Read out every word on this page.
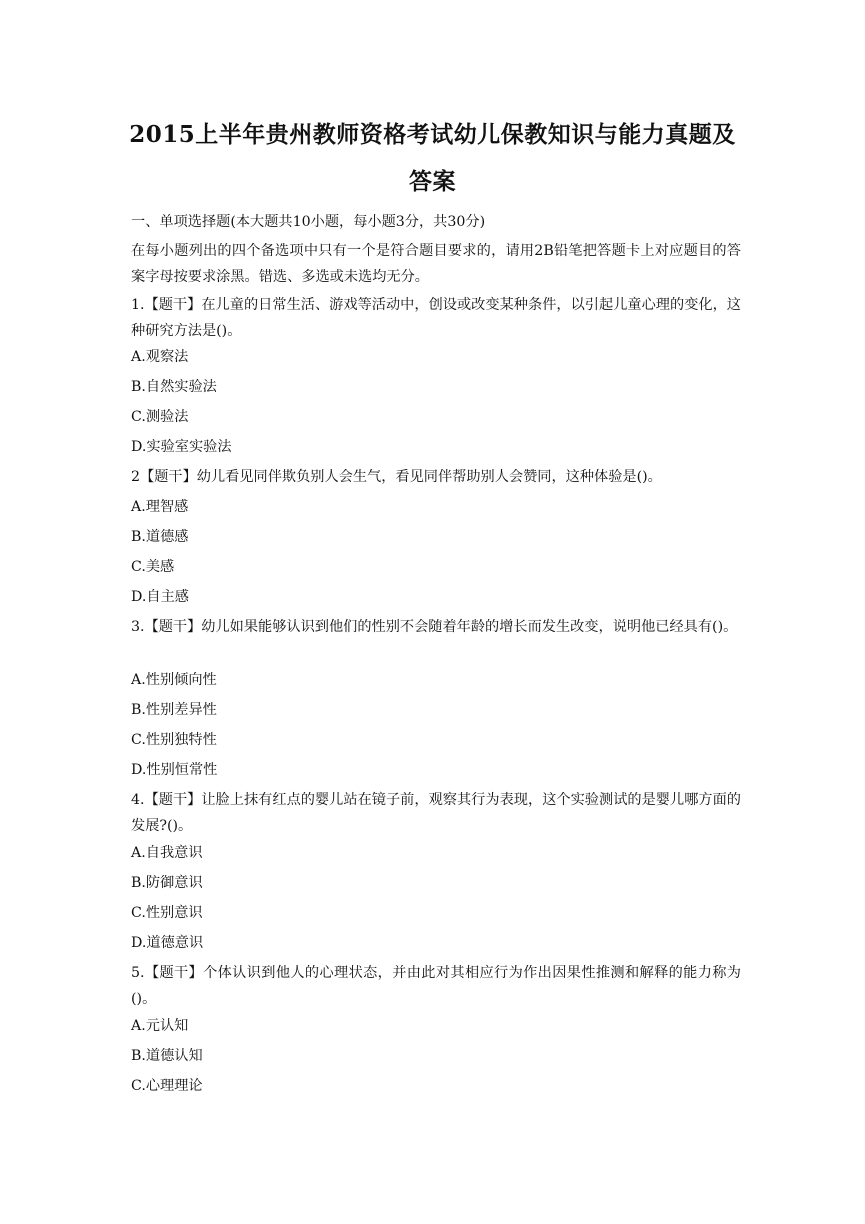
2015上半年贵州教师资格考试幼儿保教知识与能力真题及
答案
一、单项选择题(本大题共10小题，每小题3分，共30分)
在每小题列出的四个备选项中只有一个是符合题目要求的，请用2B铅笔把答题卡上对应题目的答案字母按要求涂黑。错选、多选或未选均无分。
1.【题干】在儿童的日常生活、游戏等活动中，创设或改变某种条件，以引起儿童心理的变化，这种研究方法是()。
A.观察法
B.自然实验法
C.测验法
D.实验室实验法
2【题干】幼儿看见同伴欺负别人会生气，看见同伴帮助别人会赞同，这种体验是()。
A.理智感
B.道德感
C.美感
D.自主感
3.【题干】幼儿如果能够认识到他们的性别不会随着年龄的增长而发生改变，说明他已经具有()。
A.性别倾向性
B.性别差异性
C.性别独特性
D.性别恒常性
4.【题干】让脸上抹有红点的婴儿站在镜子前，观察其行为表现，这个实验测试的是婴儿哪方面的发展?()。
A.自我意识
B.防御意识
C.性别意识
D.道德意识
5.【题干】个体认识到他人的心理状态，并由此对其相应行为作出因果性推测和解释的能力称为()。
A.元认知
B.道德认知
C.心理理论
